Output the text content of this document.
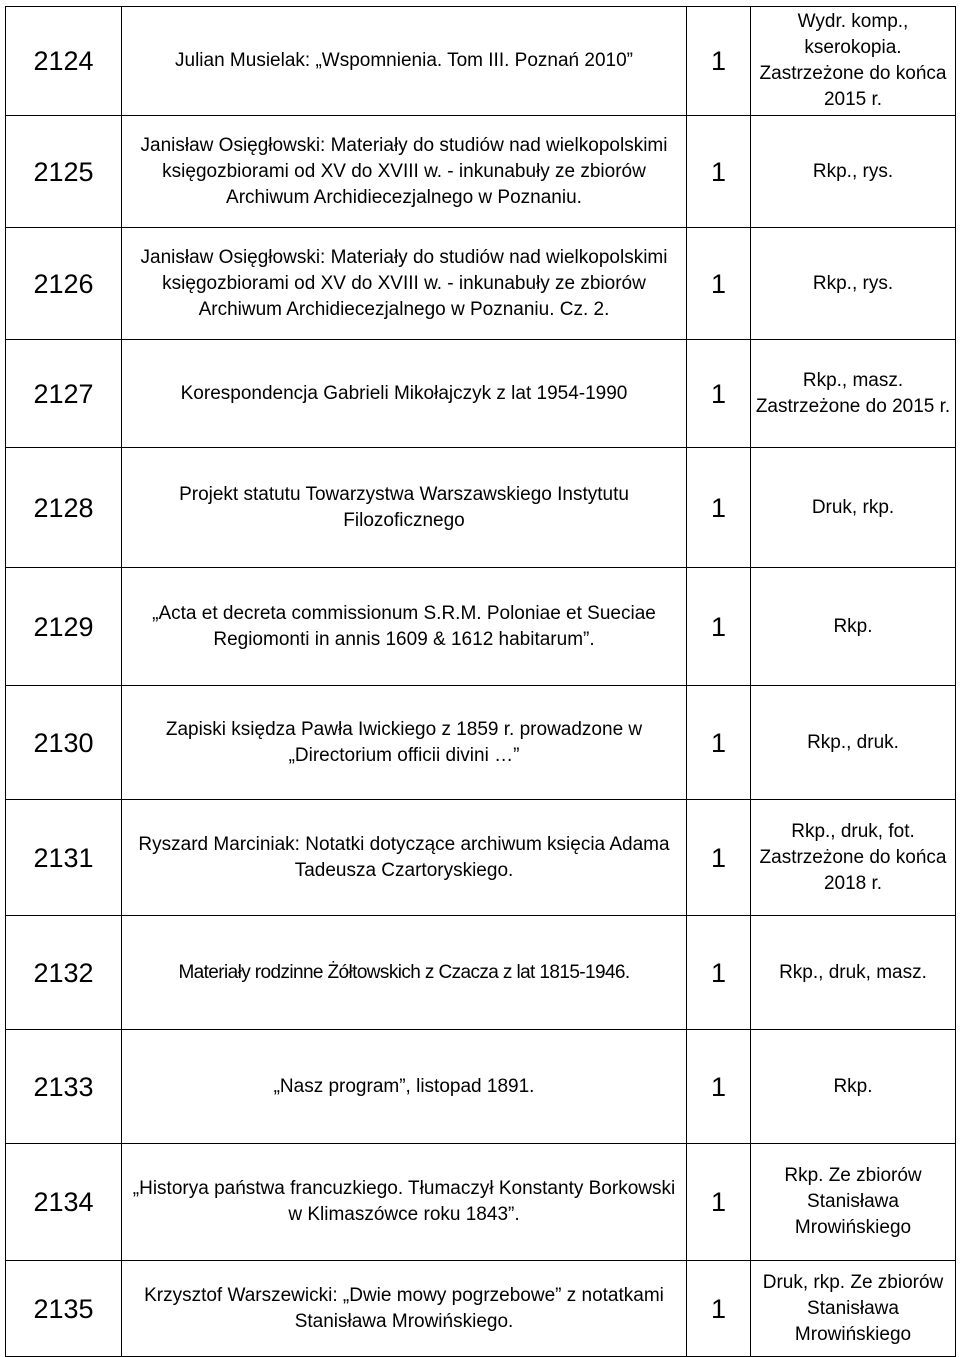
2124	Julian Musielak: „Wspomnienia. Tom III. Poznań 2010”	1	Wydr. komp., kserokopia. Zastrzeżone do końca 2015 r.
2125	Janisław Osięgłowski: Materiały do studiów nad wielkopolskimi księgozbiorami od XV do XVIII w. - inkunabuły ze zbiorów Archiwum Archidiecezjalnego w Poznaniu.	1	Rkp., rys.
2126	Janisław Osięgłowski: Materiały do studiów nad wielkopolskimi księgozbiorami od XV do XVIII w. - inkunabuły ze zbiorów Archiwum Archidiecezjalnego w Poznaniu. Cz. 2.	1	Rkp., rys.
2127	Korespondencja Gabrieli Mikołajczyk z lat 1954-1990	1	Rkp., masz. Zastrzeżone do 2015 r.
2128	Projekt statutu Towarzystwa Warszawskiego Instytutu Filozoficznego	1	Druk, rkp.
2129	„Acta et decreta commissionum S.R.M. Poloniae et Sueciae Regiomonti in annis 1609 & 1612 habitarum”.	1	Rkp.
2130	Zapiski księdza Pawła Iwickiego z 1859 r. prowadzone w „Directorium officii divini …”	1	Rkp., druk.
2131	Ryszard Marciniak: Notatki dotyczące archiwum księcia Adama Tadeusza Czartoryskiego.	1	Rkp., druk, fot. Zastrzeżone do końca 2018 r.
2132	Materiały rodzinne Żółtowskich z Czacza z lat 1815-1946.	1	Rkp., druk, masz.
2133	„Nasz program”, listopad 1891.	1	Rkp.
2134	„Historya państwa francuzkiego. Tłumaczył Konstanty Borkowski w Klimaszówce roku 1843”.	1	Rkp. Ze zbiorów Stanisława Mrowińskiego
2135	Krzysztof Warszewicki: „Dwie mowy pogrzebowe” z notatkami Stanisława Mrowińskiego.	1	Druk, rkp. Ze zbiorów Stanisława Mrowińskiego
